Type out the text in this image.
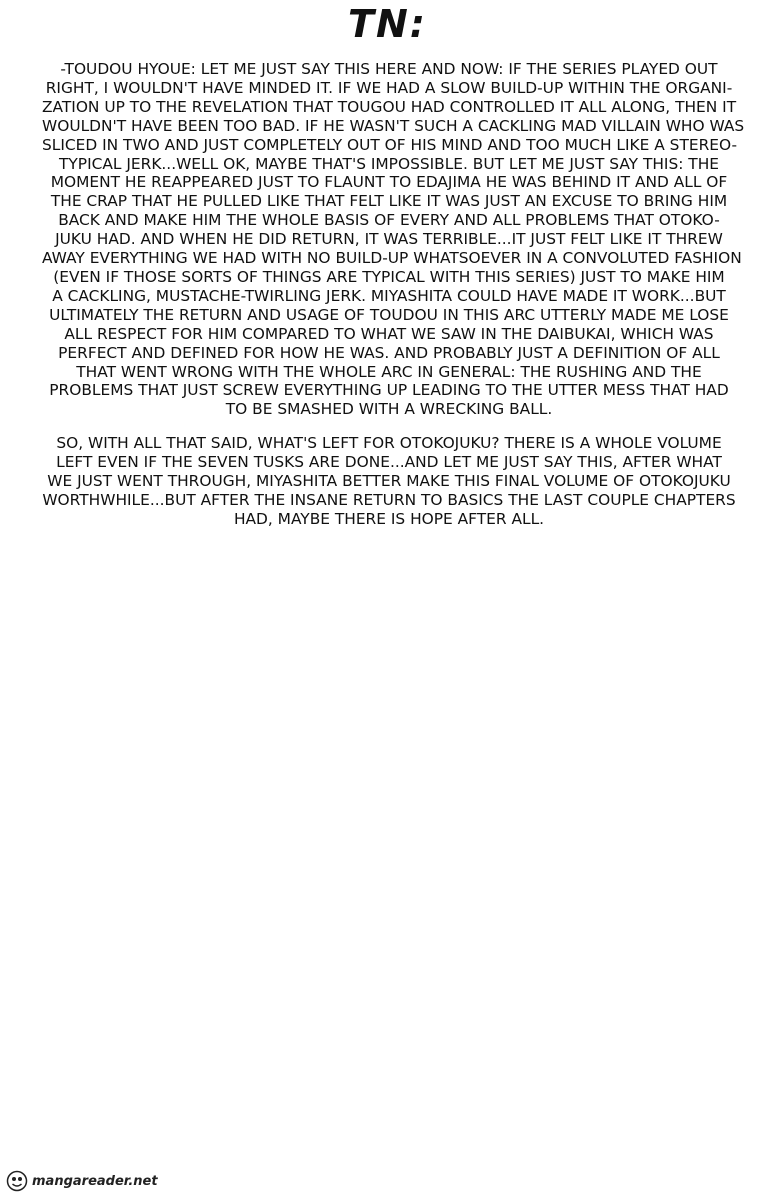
TN:

-TOUDOU HYOUE: LET ME JUST SAY THIS HERE AND NOW: IF THE SERIES PLAYED OUT
RIGHT, I WOULDN'T HAVE MINDED IT. IF WE HAD A SLOW BUILD-UP WITHIN THE ORGANI-
ZATION UP TO THE REVELATION THAT TOUGOU HAD CONTROLLED IT ALL ALONG, THEN IT
WOULDN'T HAVE BEEN TOO BAD. IF HE WASN'T SUCH A CACKLING MAD VILLAIN WHO WAS
SLICED IN TWO AND JUST COMPLETELY OUT OF HIS MIND AND TOO MUCH LIKE A STEREO-
TYPICAL JERK...WELL OK, MAYBE THAT'S IMPOSSIBLE. BUT LET ME JUST SAY THIS: THE
MOMENT HE REAPPEARED JUST TO FLAUNT TO EDAJIMA HE WAS BEHIND IT AND ALL OF
THE CRAP THAT HE PULLED LIKE THAT FELT LIKE IT WAS JUST AN EXCUSE TO BRING HIM
BACK AND MAKE HIM THE WHOLE BASIS OF EVERY AND ALL PROBLEMS THAT OTOKO-
JUKU HAD. AND WHEN HE DID RETURN, IT WAS TERRIBLE...IT JUST FELT LIKE IT THREW
AWAY EVERYTHING WE HAD WITH NO BUILD-UP WHATSOEVER IN A CONVOLUTED FASHION
(EVEN IF THOSE SORTS OF THINGS ARE TYPICAL WITH THIS SERIES) JUST TO MAKE HIM
A CACKLING, MUSTACHE-TWIRLING JERK. MIYASHITA COULD HAVE MADE IT WORK...BUT
ULTIMATELY THE RETURN AND USAGE OF TOUDOU IN THIS ARC UTTERLY MADE ME LOSE
ALL RESPECT FOR HIM COMPARED TO WHAT WE SAW IN THE DAIBUKAI, WHICH WAS
PERFECT AND DEFINED FOR HOW HE WAS. AND PROBABLY JUST A DEFINITION OF ALL
THAT WENT WRONG WITH THE WHOLE ARC IN GENERAL: THE RUSHING AND THE
PROBLEMS THAT JUST SCREW EVERYTHING UP LEADING TO THE UTTER MESS THAT HAD
TO BE SMASHED WITH A WRECKING BALL.

SO, WITH ALL THAT SAID, WHAT'S LEFT FOR OTOKOJUKU? THERE IS A WHOLE VOLUME
LEFT EVEN IF THE SEVEN TUSKS ARE DONE...AND LET ME JUST SAY THIS, AFTER WHAT
WE JUST WENT THROUGH, MIYASHITA BETTER MAKE THIS FINAL VOLUME OF OTOKOJUKU
WORTHWHILE...BUT AFTER THE INSANE RETURN TO BASICS THE LAST COUPLE CHAPTERS
HAD, MAYBE THERE IS HOPE AFTER ALL.

mangareader.net
